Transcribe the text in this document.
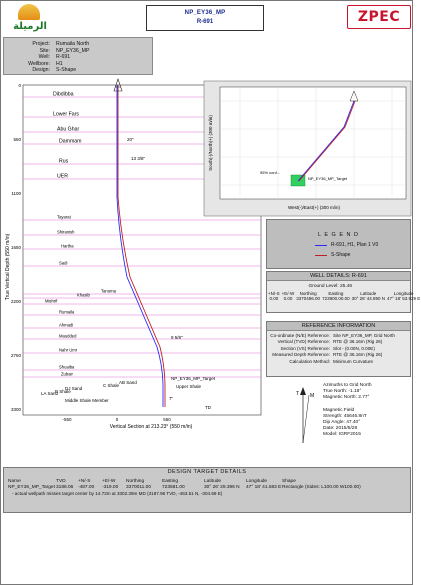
الرميلة
NP_EY36_MP
R-691	ZPEC
Project:	Rumaila North
Site:	NP_EY36_MP
Well:	R-691
Wellbore:	H1
Design:	S-Shape
Dibdibba
Lower Fars
Abu Ghar
Dammam
Rus
UER
Tayarat
Shiranish
Hartha
Sadi
Tanuma
Khasib
Mishrif
Rumaila
Ahmadi
Maudded
Nahr Umr
Shuaiba
Zubair
0
550
1100
1650
2200
2750
3300
-550	0	550
20"
13 3/8"
9 5/8"
7"
Upper Shale
Middle Shale Member
TD
NP_EY36_MP_Target
AB Sand
C Shale
DJ Sand
LA Sand
B Shale
Vertical Section at 213.23° (550 m/in)
True Vertical Depth (550 m/in)
95% conf...
NP_EY36_MP_Target
West(-)/East(+) (300 m/in)
South(-)/North(+) (300 m/in)
L E G E N D
R-691, H1, Plan 1 V0
S-Shape
WELL DETAILS: R-691
Ground Level: 25.46
+N/-S	+E/-W	Northing	Easting	Latitude	Longitude
0.00	0.00	3370496.00	723900.00.00	30° 26' 44.890 N	47° 18' 53.929 E
REFERENCE INFORMATION
Co-ordinate (N/E) Reference: Site NP_EY36_MP, Grid North
Vertical (TVD) Reference: RTE @ 36.16m (Rig 26)
Section (VS) Reference: Slot - (0.00N, 0.00E)
Measured Depth Reference: RTE @ 36.16m (Rig 26)
Calculation Method: Minimum Curvature
T M
Azimuths to Grid North
True North: -1.18°
Magnetic North: 2.77°
Magnetic Field
Strength: 45646.8nT
Dip Angle: 47.40°
Date: 2015/5/28
Model: IGRF2015
DESIGN TARGET DETAILS
Name	TVD	+N/-S	+E/-W	Northing	Easting	Latitude	Longitude	Shape
NP_EY36_MP_Target 3188.06 -487.00	-319.00	3370011.00	723581.00	30° 26' 29.396 N	47° 18' 41.583 E Rectangle (Sides: L100.00 W100.00)
- actual wellpath misses target center by 14.73m at 3302.39m MD (3187.96 TVD, -463.51 N, -304.69 E)
